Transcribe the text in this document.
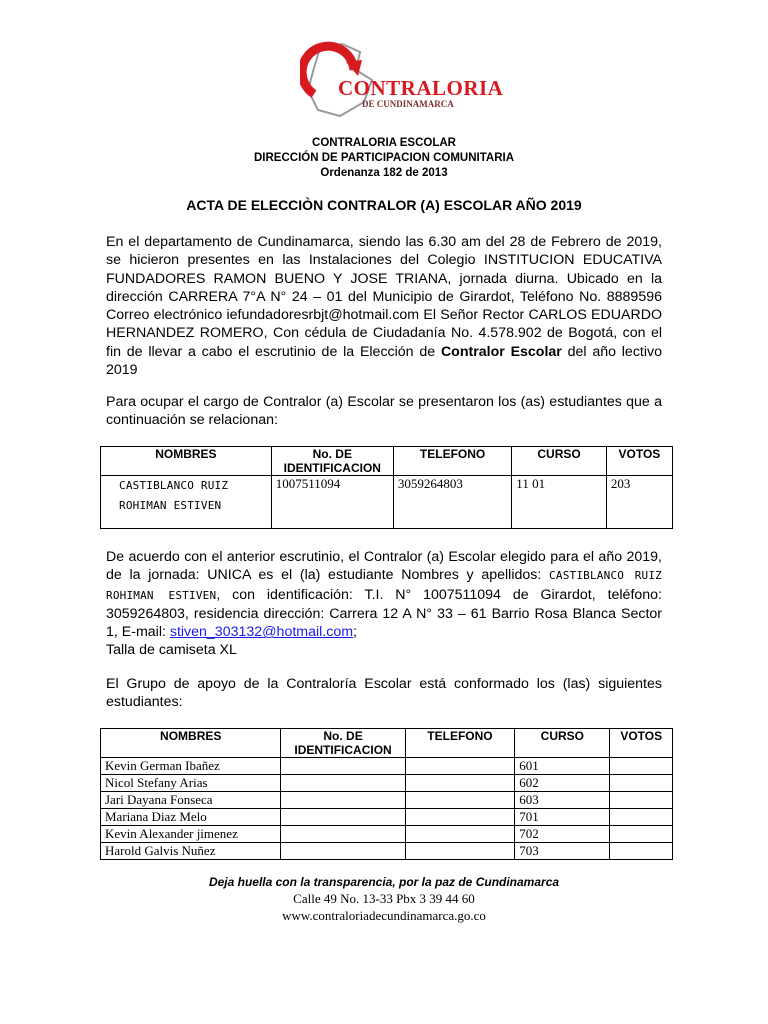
CONTRALORIA
DE CUNDINAMARCA
CONTRALORIA ESCOLAR
DIRECCIÓN DE PARTICIPACION COMUNITARIA
Ordenanza 182 de 2013
ACTA DE ELECCIÒN CONTRALOR (A) ESCOLAR AÑO 2019
En el departamento de Cundinamarca, siendo las 6.30 am del 28 de Febrero de 2019, se hicieron presentes en las Instalaciones del Colegio INSTITUCION EDUCATIVA FUNDADORES RAMON BUENO Y JOSE TRIANA, jornada diurna. Ubicado en la dirección CARRERA 7°A N° 24 – 01 del Municipio de Girardot, Teléfono No. 8889596 Correo electrónico iefundadoresrbjt@hotmail.com El Señor Rector CARLOS EDUARDO HERNANDEZ ROMERO, Con cédula de Ciudadanía No. 4.578.902 de Bogotá, con el fin de llevar a cabo el escrutinio de la Elección de Contralor Escolar del año lectivo 2019
Para ocupar el cargo de Contralor (a) Escolar se presentaron los (as) estudiantes que a continuación se relacionan:
NOMBRES	No. DE IDENTIFICACION	TELEFONO	CURSO	VOTOS
CASTIBLANCO RUIZ ROHIMAN ESTIVEN	1007511094	3059264803	11 01	203
De acuerdo con el anterior escrutinio, el Contralor (a) Escolar elegido para el año 2019, de la jornada: UNICA es el (la) estudiante Nombres y apellidos: CASTIBLANCO RUIZ ROHIMAN ESTIVEN, con identificación: T.I. N° 1007511094 de Girardot, teléfono: 3059264803, residencia dirección: Carrera 12 A N° 33 – 61 Barrio Rosa Blanca Sector 1, E-mail: stiven_303132@hotmail.com;
Talla de camiseta XL
El Grupo de apoyo de la Contraloría Escolar está conformado los (las) siguientes estudiantes:
NOMBRES	No. DE IDENTIFICACION	TELEFONO	CURSO	VOTOS
Kevin German Ibañez			601	
Nicol Stefany Arias			602	
Jari Dayana Fonseca			603	
Mariana Diaz Melo			701	
Kevin Alexander jimenez			702	
Harold Galvis Nuñez			703	
Deja huella con la transparencia, por la paz de Cundinamarca
Calle 49 No. 13-33 Pbx 3 39 44 60
www.contraloriadecundinamarca.go.co
